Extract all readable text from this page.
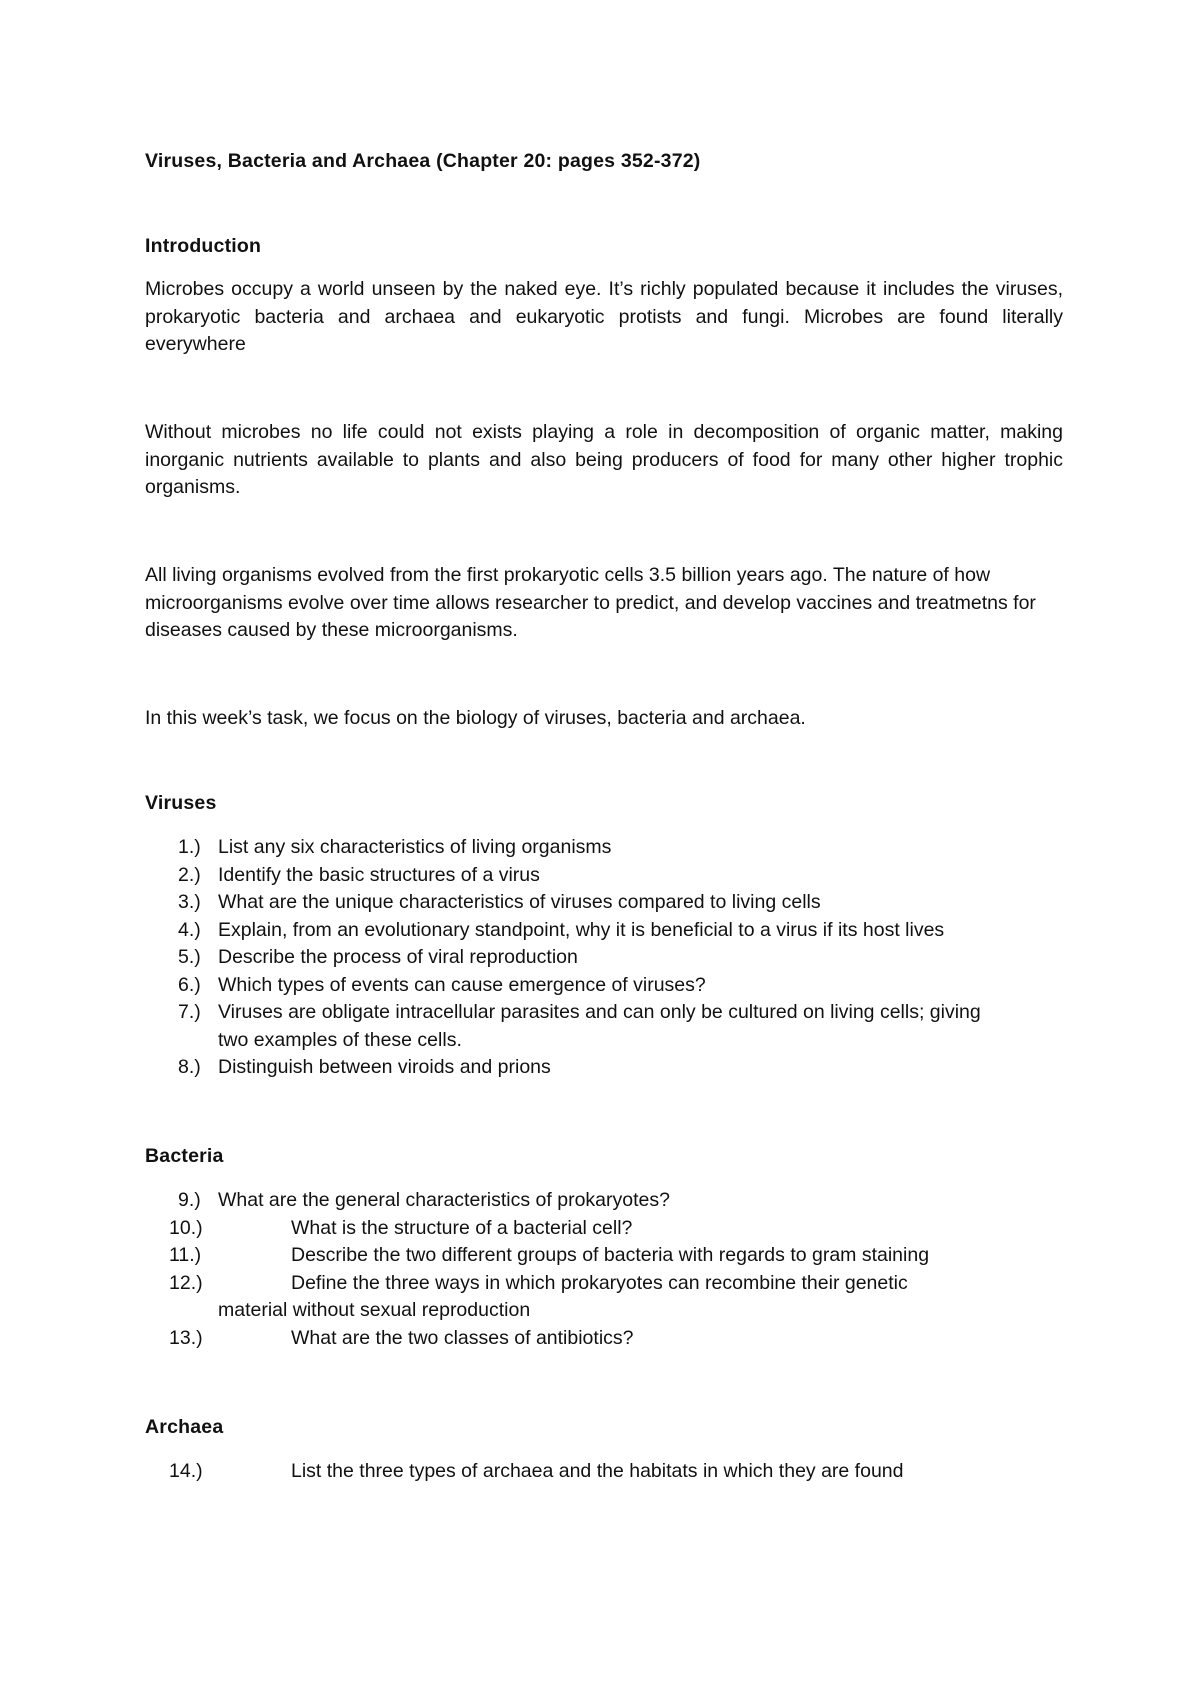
Viruses, Bacteria and Archaea (Chapter 20: pages 352-372)
Introduction

Microbes occupy a world unseen by the naked eye. It’s richly populated because it includes the viruses, prokaryotic bacteria and archaea and eukaryotic protists and fungi. Microbes are found literally everywhere

Without microbes no life could not exists playing a role in decomposition of organic matter, making inorganic nutrients available to plants and also being producers of food for many other higher trophic organisms.

All living organisms evolved from the first prokaryotic cells 3.5 billion years ago. The nature of how microorganisms evolve over time allows researcher to predict, and develop vaccines and treatmetns for diseases caused by these microorganisms.

In this week’s task, we focus on the biology of viruses, bacteria and archaea.

Viruses
1.) List any six characteristics of living organisms
2.) Identify the basic structures of a virus
3.) What are the unique characteristics of viruses compared to living cells
4.) Explain, from an evolutionary standpoint, why it is beneficial to a virus if its host lives
5.) Describe the process of viral reproduction
6.) Which types of events can cause emergence of viruses?
7.) Viruses are obligate intracellular parasites and can only be cultured on living cells; giving two examples of these cells.
8.) Distinguish between viroids and prions
Bacteria
9.) What are the general characteristics of prokaryotes?
10.)	What is the structure of a bacterial cell?
11.)	Describe the two different groups of bacteria with regards to gram staining
12.)	Define the three ways in which prokaryotes can recombine their genetic
material without sexual reproduction
13.)	What are the two classes of antibiotics?
Archaea
14.)	List the three types of archaea and the habitats in which they are found
